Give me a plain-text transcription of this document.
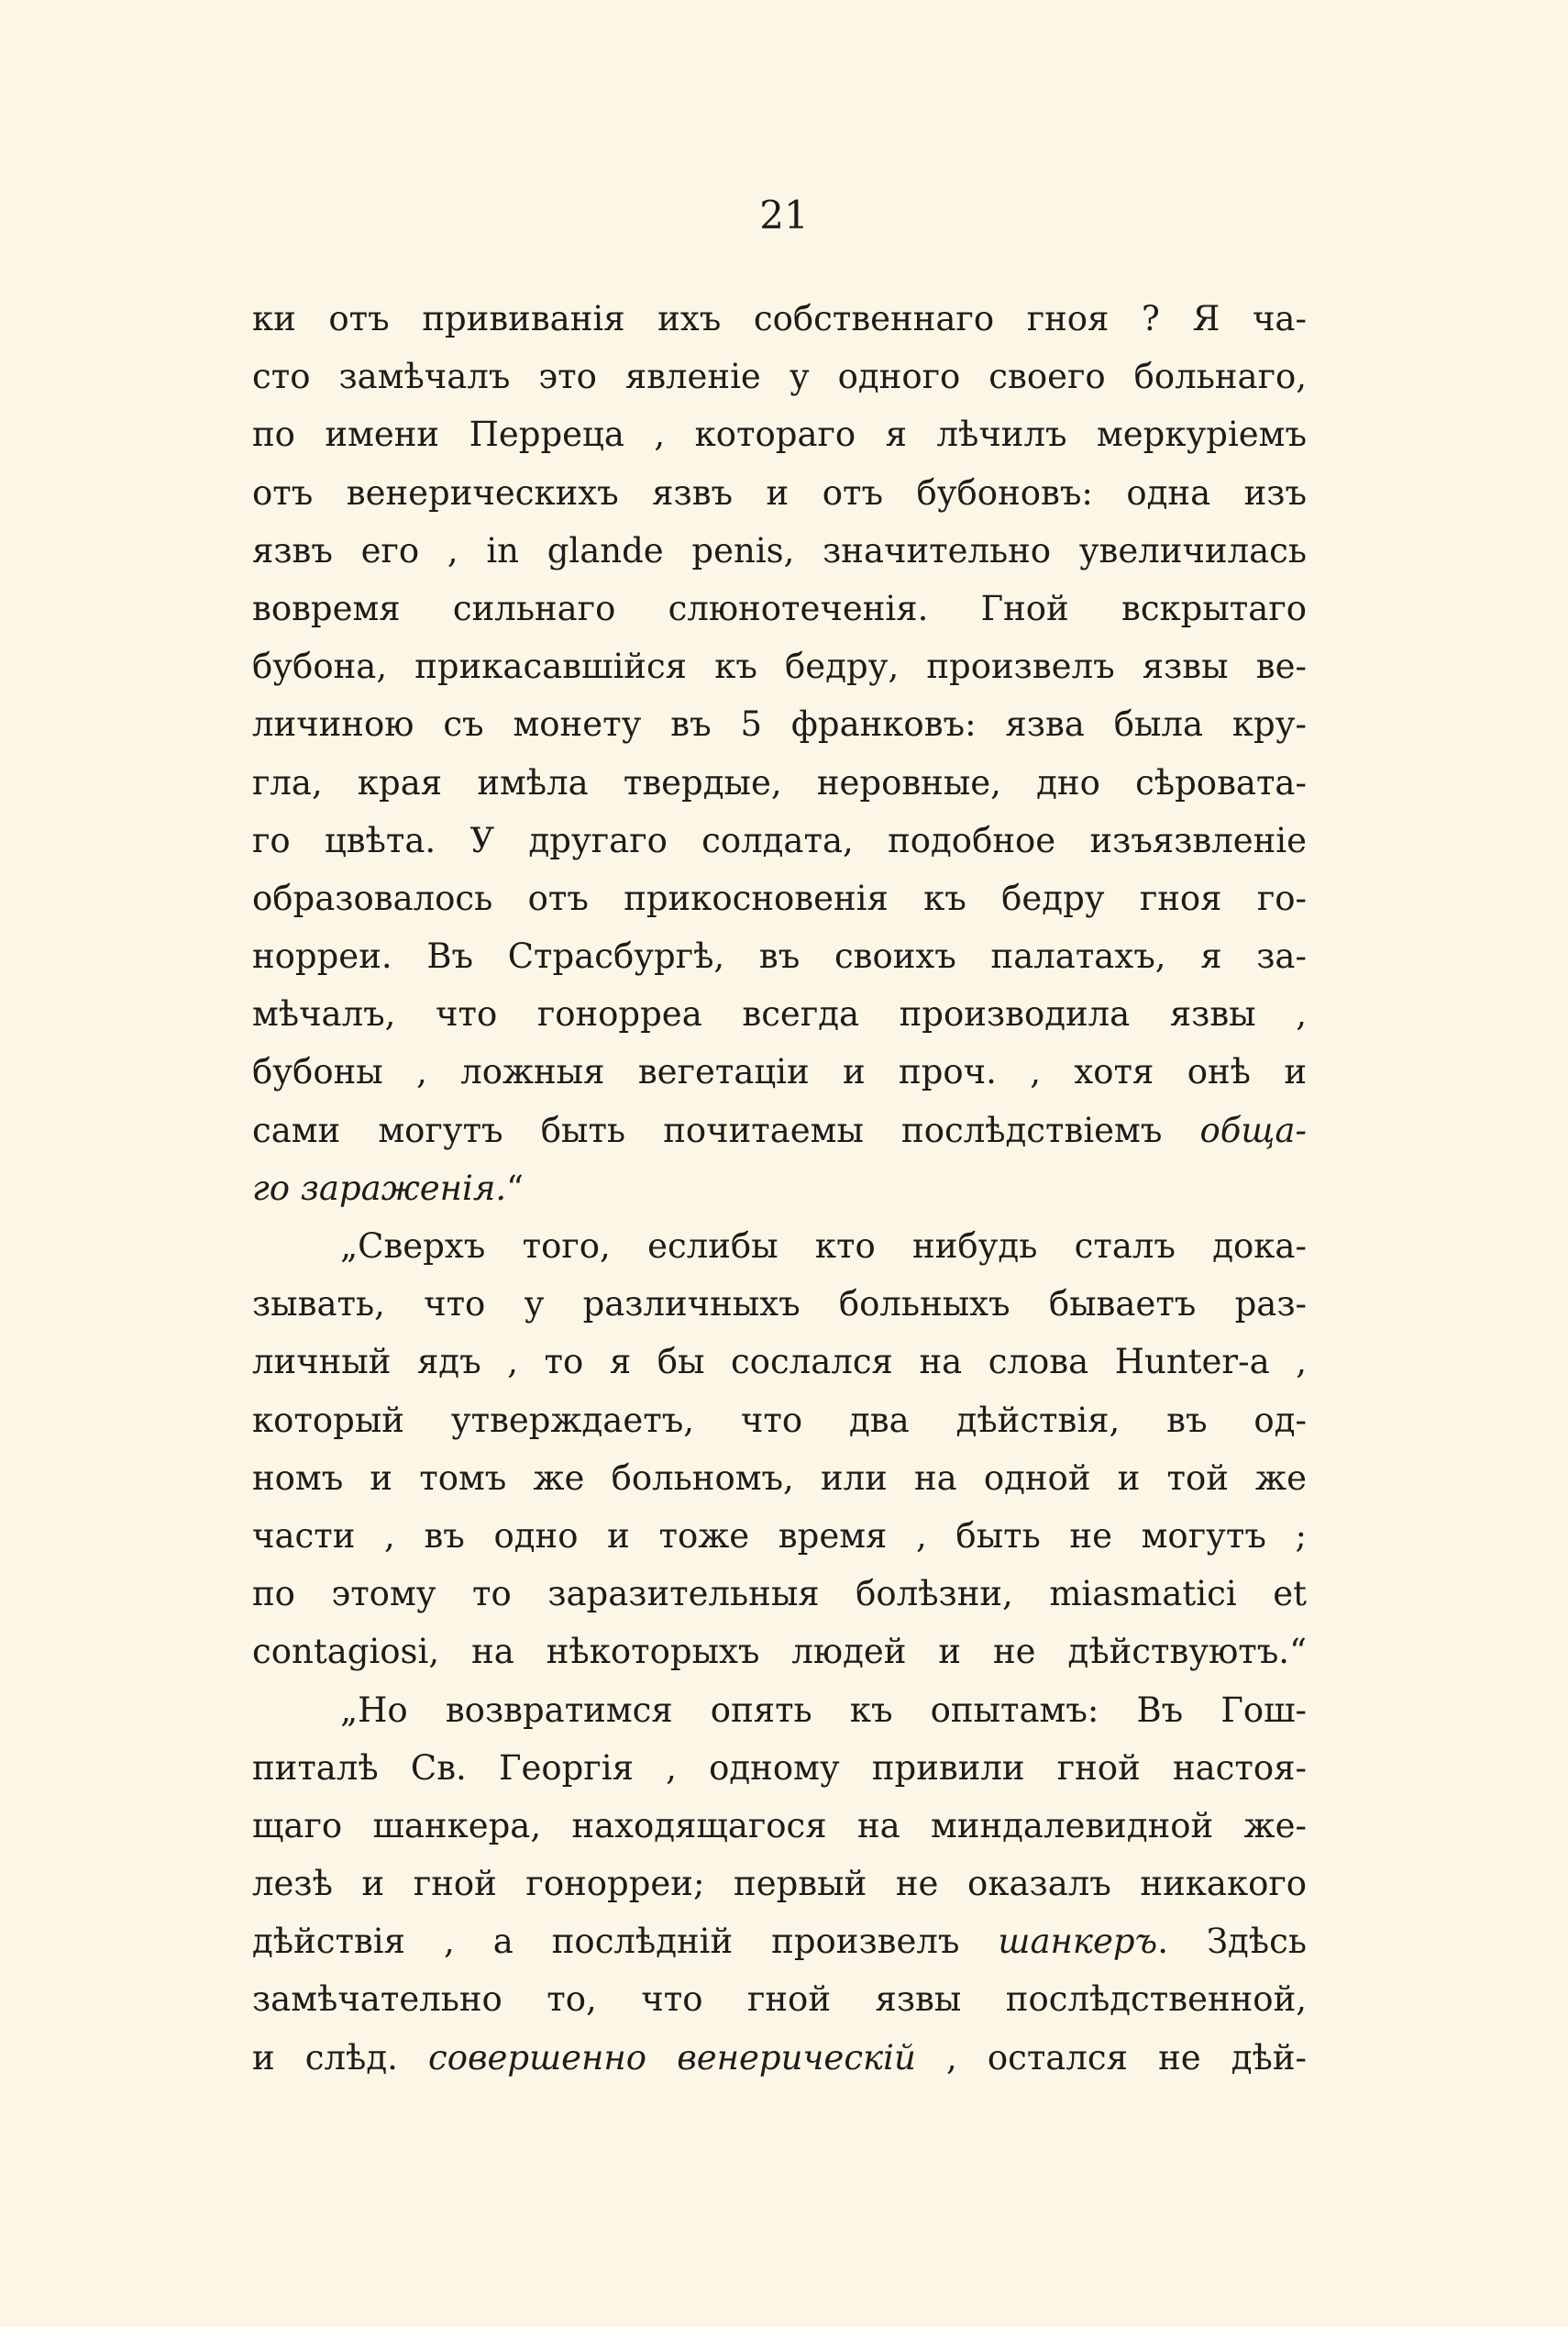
21
ки отъ прививанія ихъ собственнаго гноя ? Я ча-
сто замѣчалъ это явленіе у одного своего больнаго,
по имени Перреца , котораго я лѣчилъ меркуріемъ
отъ венерическихъ язвъ и отъ бубоновъ: одна изъ
язвъ его , in glande penis, значительно увеличилась
вовремя сильнаго слюнотеченія. Гной вскрытаго
бубона, прикасавшійся къ бедру, произвелъ язвы ве-
личиною съ монету въ 5 франковъ: язва была кру-
гла, края имѣла твердые, неровные, дно сѣроватa-
го цвѣта. У другаго солдата, подобное изъязвленіе
образовалось отъ прикосновенія къ бедру гноя го-
норреи. Въ Страсбургѣ, въ своихъ палатахъ, я за-
мѣчалъ, что гонорреа всегда производила язвы ,
бубоны , ложныя вегетаціи и проч. , хотя онѣ и
сами могутъ быть почитаемы послѣдствіемъ обща-
го зараженія.“
„Сверхъ того, еслибы кто нибудь сталъ дока-
зывать, что у различныхъ больныхъ бываетъ раз-
личный ядъ , то я бы сослался на слова Hunter-а ,
который утверждаетъ, что два дѣйствія, въ од-
номъ и томъ же больномъ, или на одной и той же
части , въ одно и тоже время , быть не могутъ ;
по этому то заразительныя болѣзни, miasmatici et
contagiosi, на нѣкоторыхъ людей и не дѣйствуютъ.“
„Но возвратимся опять къ опытамъ: Въ Гош-
питалѣ Св. Георгія , одному привили гной настоя-
щаго шанкера, находящагося на миндалевидной же-
лезѣ и гной гонорреи; первый не оказалъ никакого
дѣйствія , а послѣдній произвелъ шанкеръ. Здѣсь
замѣчательно то, что гной язвы послѣдственной,
и слѣд. совершенно венерическій , остался не дѣй-
